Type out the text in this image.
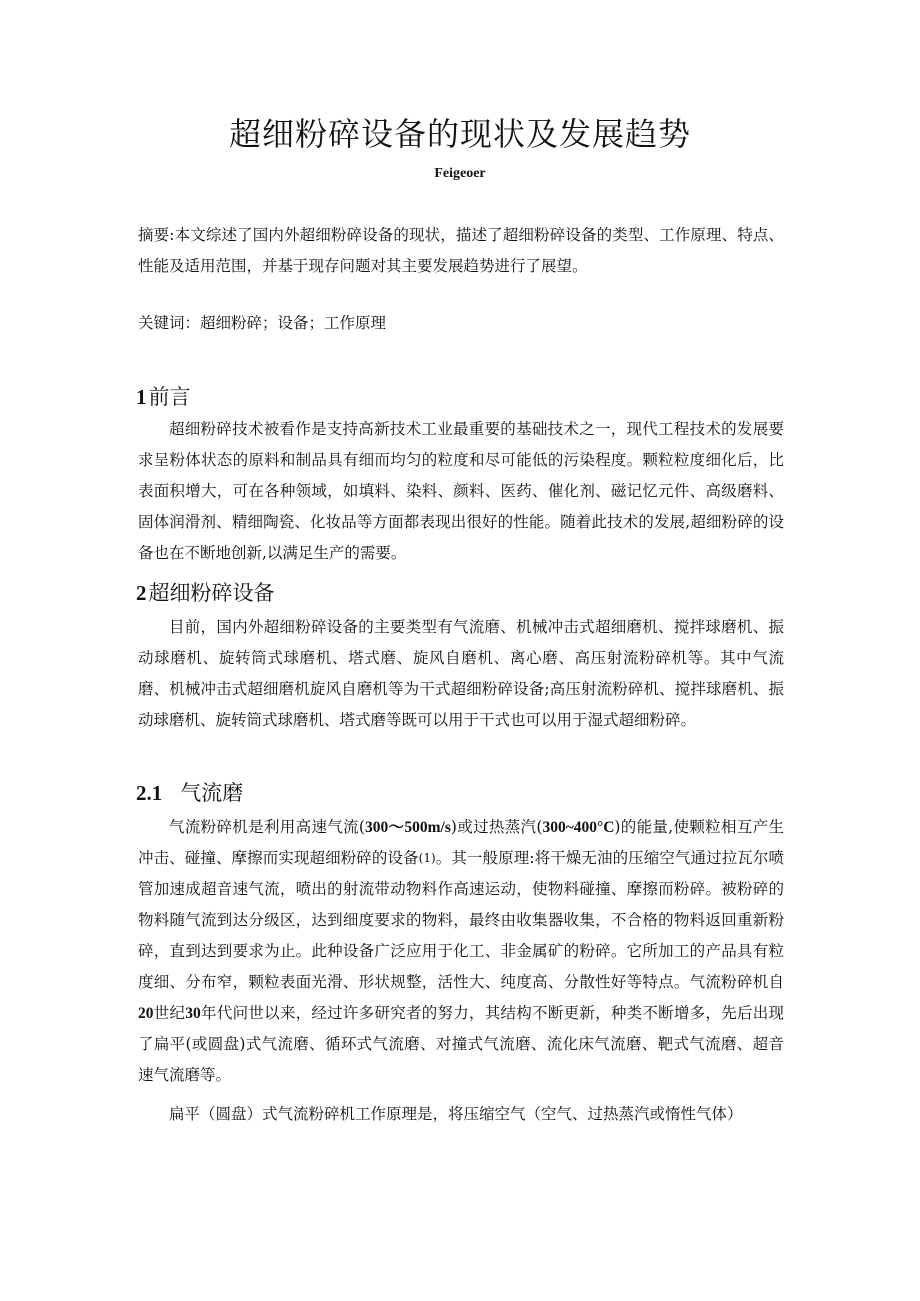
超细粉碎设备的现状及发展趋势
Feigeoer
摘要:本文综述了国内外超细粉碎设备的现状，描述了超细粉碎设备的类型、工作原理、特点、性能及适用范围，并基于现存问题对其主要发展趋势进行了展望。
关键词：超细粉碎；设备；工作原理
1前言
超细粉碎技术被看作是支持高新技术工业最重要的基础技术之一，现代工程技术的发展要求呈粉体状态的原料和制品具有细而均匀的粒度和尽可能低的污染程度。颗粒粒度细化后，比表面积增大，可在各种领域，如填料、染料、颜料、医药、催化剂、磁记忆元件、高级磨料、固体润滑剂、精细陶瓷、化妆品等方面都表现出很好的性能。随着此技术的发展,超细粉碎的设备也在不断地创新,以满足生产的需要。
2超细粉碎设备
目前，国内外超细粉碎设备的主要类型有气流磨、机械冲击式超细磨机、搅拌球磨机、振动球磨机、旋转筒式球磨机、塔式磨、旋风自磨机、离心磨、高压射流粉碎机等。其中气流磨、机械冲击式超细磨机旋风自磨机等为干式超细粉碎设备;高压射流粉碎机、搅拌球磨机、振动球磨机、旋转筒式球磨机、塔式磨等既可以用于干式也可以用于湿式超细粉碎。
2.1 气流磨
气流粉碎机是利用高速气流(300～500m/s)或过热蒸汽(300~400°C)的能量,使颗粒相互产生冲击、碰撞、摩擦而实现超细粉碎的设备(1)。其一般原理:将干燥无油的压缩空气通过拉瓦尔喷管加速成超音速气流，喷出的射流带动物料作高速运动，使物料碰撞、摩擦而粉碎。被粉碎的物料随气流到达分级区，达到细度要求的物料，最终由收集器收集，不合格的物料返回重新粉碎，直到达到要求为止。此种设备广泛应用于化工、非金属矿的粉碎。它所加工的产品具有粒度细、分布窄，颗粒表面光滑、形状规整，活性大、纯度高、分散性好等特点。气流粉碎机自20世纪30年代问世以来，经过许多研究者的努力，其结构不断更新，种类不断增多，先后出现了扁平(或圆盘)式气流磨、循环式气流磨、对撞式气流磨、流化床气流磨、靶式气流磨、超音速气流磨等。
扁平（圆盘）式气流粉碎机工作原理是，将压缩空气（空气、过热蒸汽或惰性气体）
